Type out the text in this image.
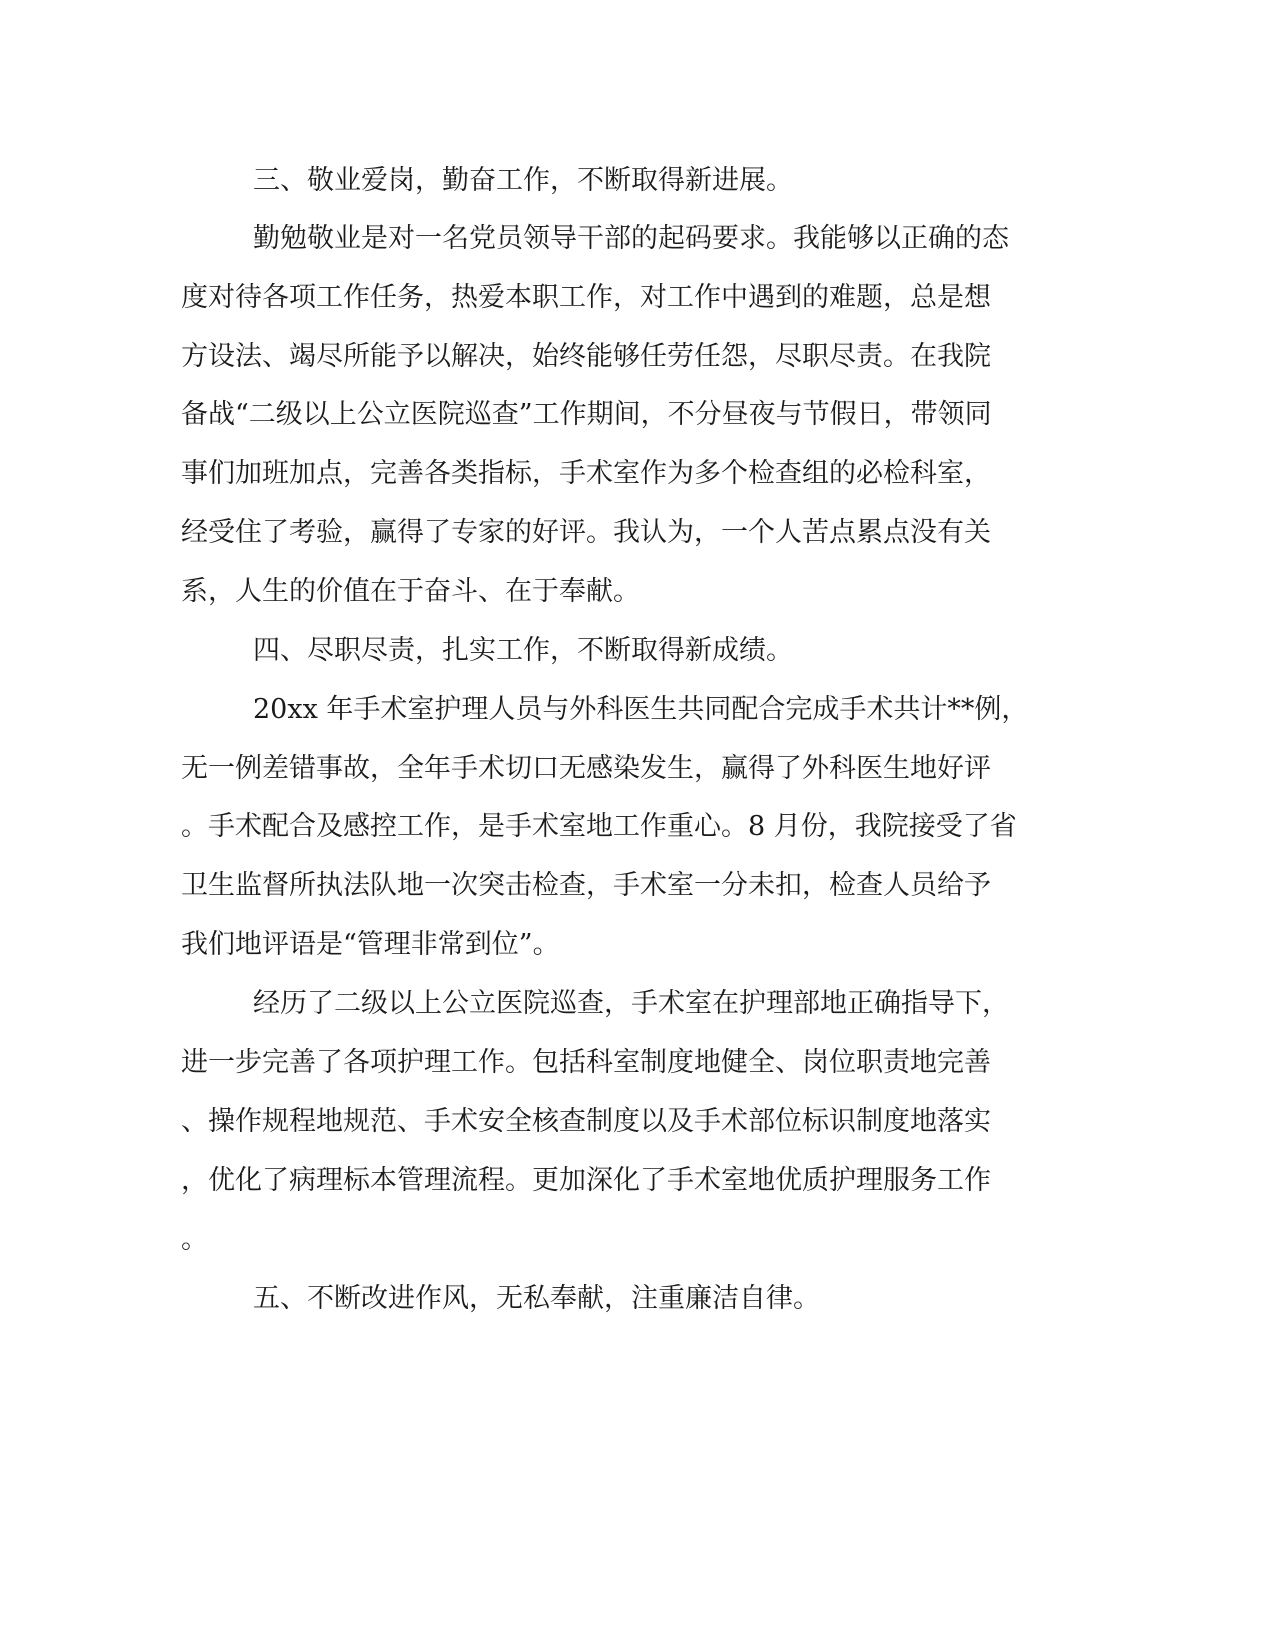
三、敬业爱岗，勤奋工作，不断取得新进展。

勤勉敬业是对一名党员领导干部的起码要求。我能够以正确的态

度对待各项工作任务，热爱本职工作，对工作中遇到的难题，总是想

方设法、竭尽所能予以解决，始终能够任劳任怨，尽职尽责。在我院

备战“二级以上公立医院巡查”工作期间，不分昼夜与节假日，带领同

事们加班加点，完善各类指标，手术室作为多个检查组的必检科室，

经受住了考验，赢得了专家的好评。我认为，一个人苦点累点没有关

系，人生的价值在于奋斗、在于奉献。

四、尽职尽责，扎实工作，不断取得新成绩。

20xx 年手术室护理人员与外科医生共同配合完成手术共计**例，

无一例差错事故，全年手术切口无感染发生，赢得了外科医生地好评

。手术配合及感控工作，是手术室地工作重心。8 月份，我院接受了省

卫生监督所执法队地一次突击检查，手术室一分未扣，检查人员给予

我们地评语是“管理非常到位”。

经历了二级以上公立医院巡查，手术室在护理部地正确指导下，

进一步完善了各项护理工作。包括科室制度地健全、岗位职责地完善

、操作规程地规范、手术安全核查制度以及手术部位标识制度地落实

，优化了病理标本管理流程。更加深化了手术室地优质护理服务工作

。

五、不断改进作风，无私奉献，注重廉洁自律。
